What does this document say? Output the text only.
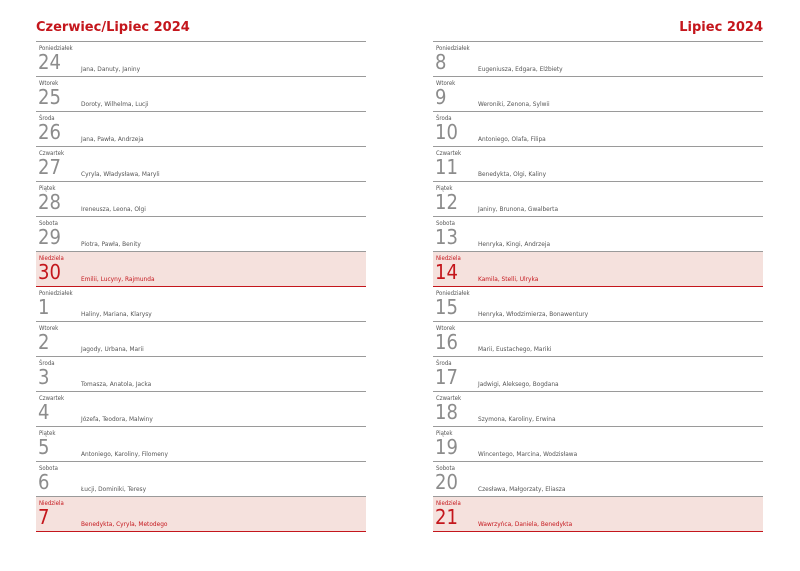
Czerwiec/Lipiec 2024
Poniedziałek
24	Jana, Danuty, Janiny
Wtorek
25	Doroty, Wilhelma, Lucji
Środa
26	Jana, Pawła, Andrzeja
Czwartek
27	Cyryla, Władysława, Maryli
Piątek
28	Ireneusza, Leona, Olgi
Sobota
29	Piotra, Pawła, Benity
Niedziela
30	Emilii, Lucyny, Rajmunda
Poniedziałek
1	Haliny, Mariana, Klarysy
Wtorek
2	Jagody, Urbana, Marii
Środa
3	Tomasza, Anatola, Jacka
Czwartek
4	Józefa, Teodora, Malwiny
Piątek
5	Antoniego, Karoliny, Filomeny
Sobota
6	Łucji, Dominiki, Teresy
Niedziela
7	Benedykta, Cyryla, Metodego
Lipiec 2024
Poniedziałek
8	Eugeniusza, Edgara, Elżbiety
Wtorek
9	Weroniki, Zenona, Sylwii
Środa
10	Antoniego, Olafa, Filipa
Czwartek
11	Benedykta, Olgi, Kaliny
Piątek
12	Janiny, Brunona, Gwalberta
Sobota
13	Henryka, Kingi, Andrzeja
Niedziela
14	Kamila, Stelli, Ulryka
Poniedziałek
15	Henryka, Włodzimierza, Bonawentury
Wtorek
16	Marii, Eustachego, Mariki
Środa
17	Jadwigi, Aleksego, Bogdana
Czwartek
18	Szymona, Karoliny, Erwina
Piątek
19	Wincentego, Marcina, Wodzisława
Sobota
20	Czesława, Małgorzaty, Eliasza
Niedziela
21	Wawrzyńca, Daniela, Benedykta
